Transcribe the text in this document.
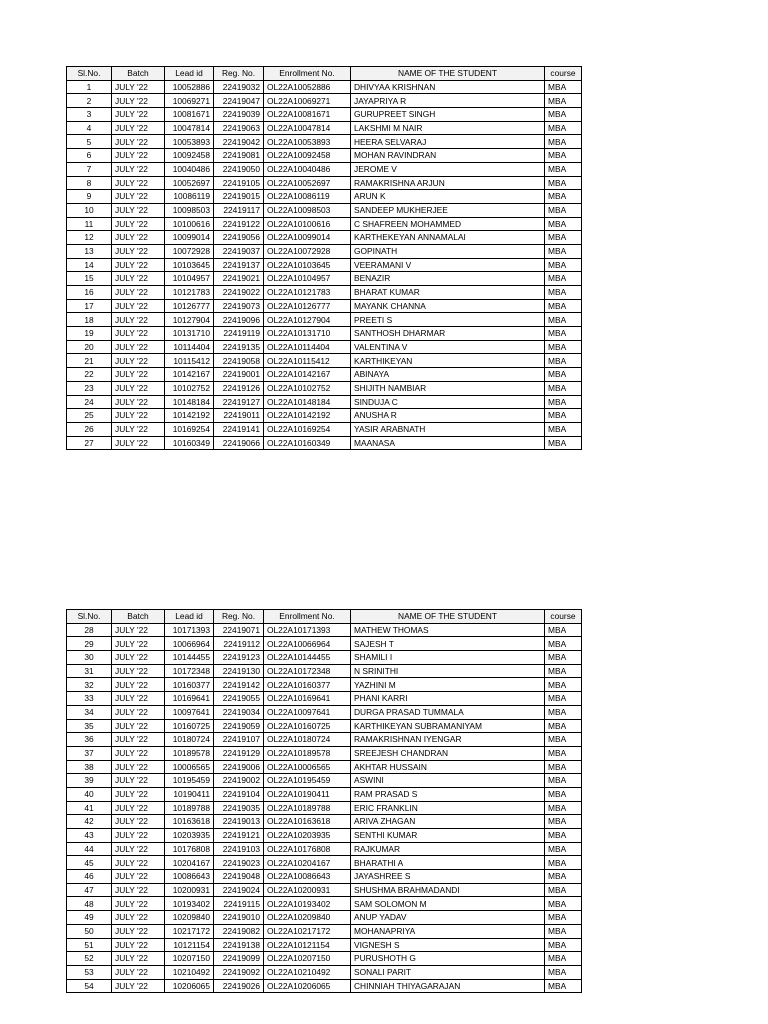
Sl.No.	Batch	Lead id	Reg. No.	Enrollment No.	NAME OF THE STUDENT	course
1	JULY '22	10052886	22419032	OL22A10052886	DHIVYAA KRISHNAN	MBA
2	JULY '22	10069271	22419047	OL22A10069271	JAYAPRIYA R	MBA
3	JULY '22	10081671	22419039	OL22A10081671	GURUPREET SINGH	MBA
4	JULY '22	10047814	22419063	OL22A10047814	LAKSHMI M NAIR	MBA
5	JULY '22	10053893	22419042	OL22A10053893	HEERA SELVARAJ	MBA
6	JULY '22	10092458	22419081	OL22A10092458	MOHAN RAVINDRAN	MBA
7	JULY '22	10040486	22419050	OL22A10040486	JEROME V	MBA
8	JULY '22	10052697	22419105	OL22A10052697	RAMAKRISHNA ARJUN	MBA
9	JULY '22	10086119	22419015	OL22A10086119	ARUN K	MBA
10	JULY '22	10098503	22419117	OL22A10098503	SANDEEP MUKHERJEE	MBA
11	JULY '22	10100616	22419122	OL22A10100616	C SHAFREEN MOHAMMED	MBA
12	JULY '22	10099014	22419056	OL22A10099014	KARTHEKEYAN ANNAMALAI	MBA
13	JULY '22	10072928	22419037	OL22A10072928	GOPINATH	MBA
14	JULY '22	10103645	22419137	OL22A10103645	VEERAMANI V	MBA
15	JULY '22	10104957	22419021	OL22A10104957	BENAZIR	MBA
16	JULY '22	10121783	22419022	OL22A10121783	BHARAT KUMAR	MBA
17	JULY '22	10126777	22419073	OL22A10126777	MAYANK CHANNA	MBA
18	JULY '22	10127904	22419096	OL22A10127904	PREETI S	MBA
19	JULY '22	10131710	22419119	OL22A10131710	SANTHOSH DHARMAR	MBA
20	JULY '22	10114404	22419135	OL22A10114404	VALENTINA V	MBA
21	JULY '22	10115412	22419058	OL22A10115412	KARTHIKEYAN	MBA
22	JULY '22	10142167	22419001	OL22A10142167	ABINAYA	MBA
23	JULY '22	10102752	22419126	OL22A10102752	SHIJITH NAMBIAR	MBA
24	JULY '22	10148184	22419127	OL22A10148184	SINDUJA C	MBA
25	JULY '22	10142192	22419011	OL22A10142192	ANUSHA R	MBA
26	JULY '22	10169254	22419141	OL22A10169254	YASIR ARABNATH	MBA
27	JULY '22	10160349	22419066	OL22A10160349	MAANASA	MBA
Sl.No.	Batch	Lead id	Reg. No.	Enrollment No.	NAME OF THE STUDENT	course
28	JULY '22	10171393	22419071	OL22A10171393	MATHEW THOMAS	MBA
29	JULY '22	10066964	22419112	OL22A10066964	SAJESH T	MBA
30	JULY '22	10144455	22419123	OL22A10144455	SHAMILI I	MBA
31	JULY '22	10172348	22419130	OL22A10172348	N SRINITHI	MBA
32	JULY '22	10160377	22419142	OL22A10160377	YAZHINI M	MBA
33	JULY '22	10169641	22419055	OL22A10169641	PHANI KARRI	MBA
34	JULY '22	10097641	22419034	OL22A10097641	DURGA PRASAD TUMMALA	MBA
35	JULY '22	10160725	22419059	OL22A10160725	KARTHIKEYAN SUBRAMANIYAM	MBA
36	JULY '22	10180724	22419107	OL22A10180724	RAMAKRISHNAN IYENGAR	MBA
37	JULY '22	10189578	22419129	OL22A10189578	SREEJESH CHANDRAN	MBA
38	JULY '22	10006565	22419006	OL22A10006565	AKHTAR HUSSAIN	MBA
39	JULY '22	10195459	22419002	OL22A10195459	ASWINI	MBA
40	JULY '22	10190411	22419104	OL22A10190411	RAM PRASAD S	MBA
41	JULY '22	10189788	22419035	OL22A10189788	ERIC FRANKLIN	MBA
42	JULY '22	10163618	22419013	OL22A10163618	ARIVA ZHAGAN	MBA
43	JULY '22	10203935	22419121	OL22A10203935	SENTHI KUMAR	MBA
44	JULY '22	10176808	22419103	OL22A10176808	RAJKUMAR	MBA
45	JULY '22	10204167	22419023	OL22A10204167	BHARATHI A	MBA
46	JULY '22	10086643	22419048	OL22A10086643	JAYASHREE S	MBA
47	JULY '22	10200931	22419024	OL22A10200931	SHUSHMA BRAHMADANDI	MBA
48	JULY '22	10193402	22419115	OL22A10193402	SAM SOLOMON M	MBA
49	JULY '22	10209840	22419010	OL22A10209840	ANUP YADAV	MBA
50	JULY '22	10217172	22419082	OL22A10217172	MOHANAPRIYA	MBA
51	JULY '22	10121154	22419138	OL22A10121154	VIGNESH S	MBA
52	JULY '22	10207150	22419099	OL22A10207150	PURUSHOTH G	MBA
53	JULY '22	10210492	22419092	OL22A10210492	SONALI PARIT	MBA
54	JULY '22	10206065	22419026	OL22A10206065	CHINNIAH THIYAGARAJAN	MBA
